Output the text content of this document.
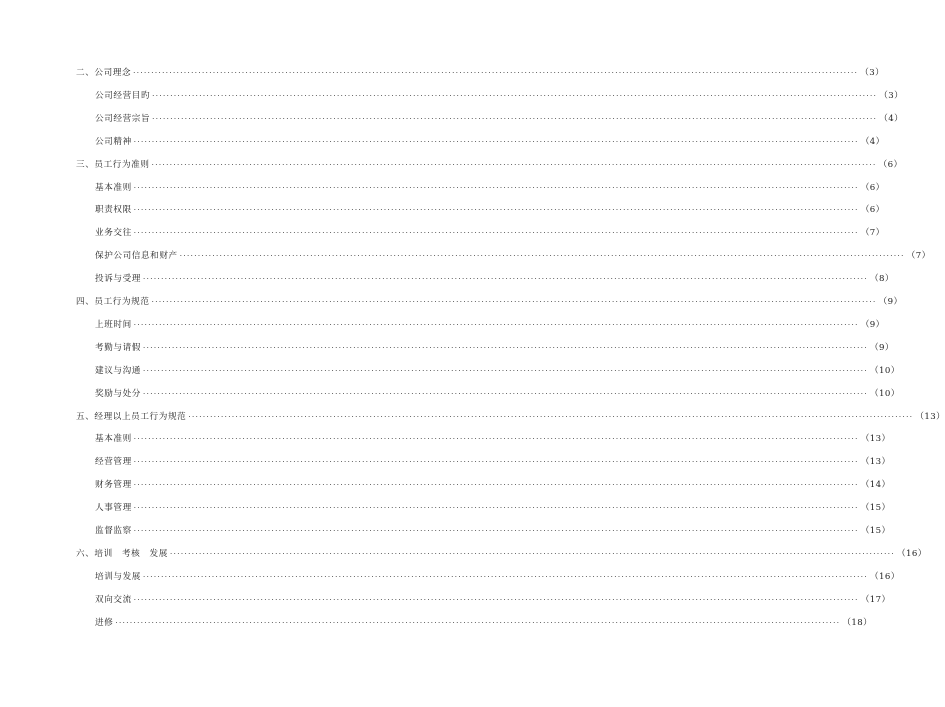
二、公司理念 ········································································································································································································ （3）
公司经营目旳 ········································································································································································································ （3）
公司经营宗旨 ········································································································································································································ （4）
公司精神 ········································································································································································································ （4）
三、员工行为准则 ········································································································································································································ （6）
基本准则 ········································································································································································································ （6）
职责权限 ········································································································································································································ （6）
业务交往 ········································································································································································································ （7）
保护公司信息和财产 ········································································································································································································ （7）
投诉与受理 ········································································································································································································ （8）
四、员工行为规范 ········································································································································································································ （9）
上班时间 ········································································································································································································ （9）
考勤与请假 ········································································································································································································ （9）
建议与沟通 ········································································································································································································ （10）
奖励与处分 ········································································································································································································ （10）
五、经理以上员工行为规范 ········································································································································································································ （13）
基本准则 ········································································································································································································ （13）
经营管理 ········································································································································································································ （13）
财务管理 ········································································································································································································ （14）
人事管理 ········································································································································································································ （15）
监督监察 ········································································································································································································ （15）
六、培训　考核　发展 ········································································································································································································ （16）
培训与发展 ········································································································································································································ （16）
双向交流 ········································································································································································································ （17）
进修 ········································································································································································································ （18）
